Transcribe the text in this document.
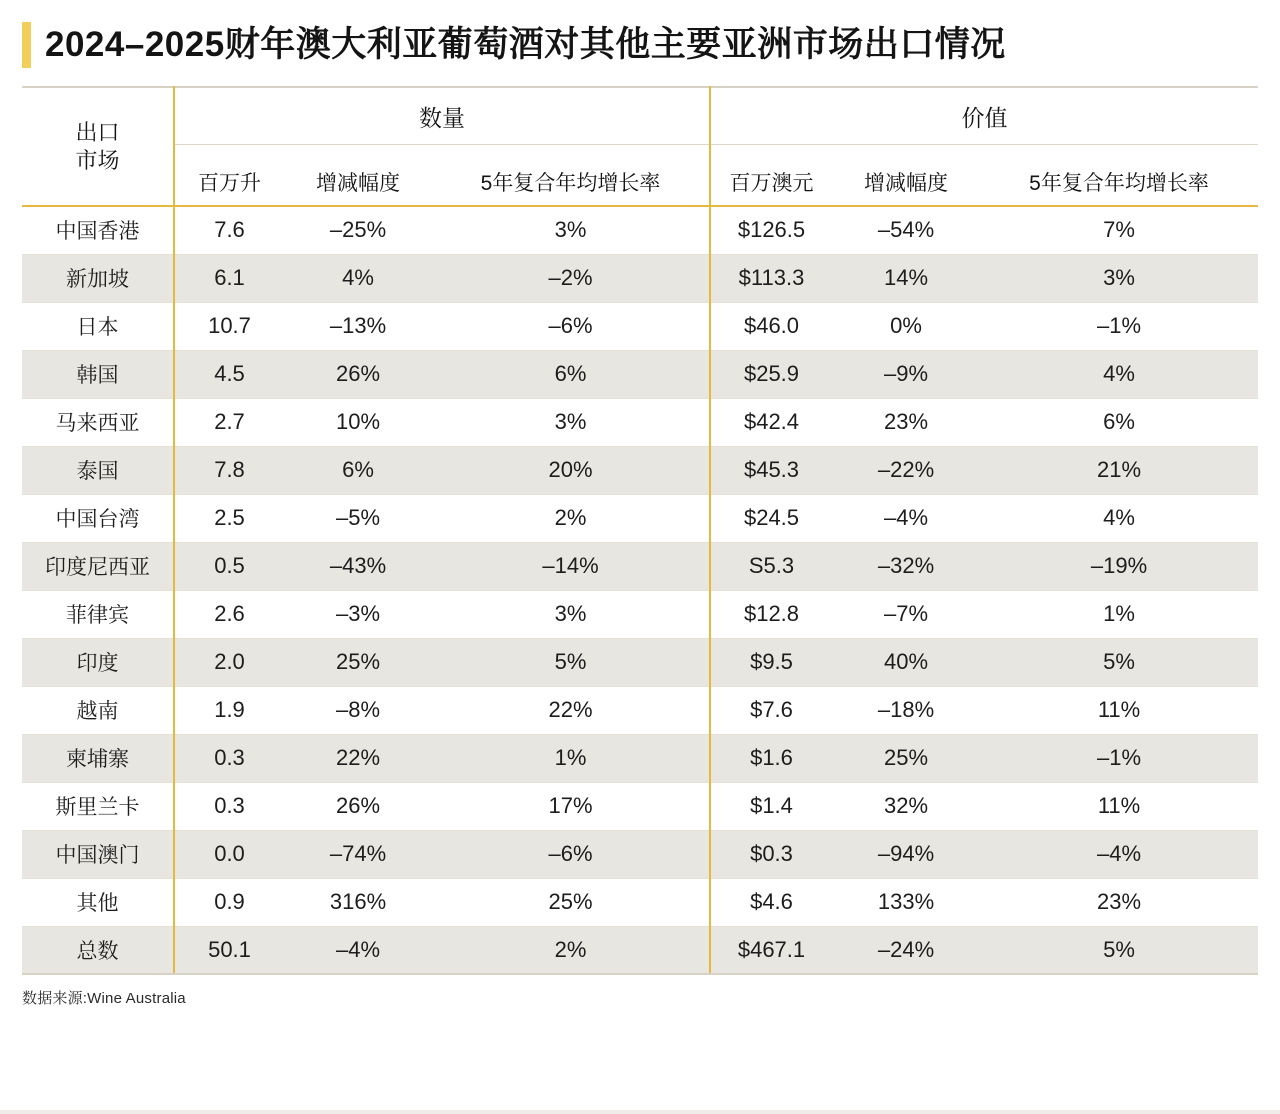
2024–2025财年澳大利亚葡萄酒对其他主要亚洲市场出口情况
出口
市场	数量			价值		
	百万升	增减幅度	5年复合年均增长率	百万澳元	增减幅度	5年复合年均增长率
中国香港	7.6	–25%	3%	$126.5	–54%	7%
新加坡	6.1	4%	–2%	$113.3	14%	3%
日本	10.7	–13%	–6%	$46.0	0%	–1%
韩国	4.5	26%	6%	$25.9	–9%	4%
马来西亚	2.7	10%	3%	$42.4	23%	6%
泰国	7.8	6%	20%	$45.3	–22%	21%
中国台湾	2.5	–5%	2%	$24.5	–4%	4%
印度尼西亚	0.5	–43%	–14%	S5.3	–32%	–19%
菲律宾	2.6	–3%	3%	$12.8	–7%	1%
印度	2.0	25%	5%	$9.5	40%	5%
越南	1.9	–8%	22%	$7.6	–18%	11%
柬埔寨	0.3	22%	1%	$1.6	25%	–1%
斯里兰卡	0.3	26%	17%	$1.4	32%	11%
中国澳门	0.0	–74%	–6%	$0.3	–94%	–4%
其他	0.9	316%	25%	$4.6	133%	23%
总数	50.1	–4%	2%	$467.1	–24%	5%
数据来源:Wine Australia
